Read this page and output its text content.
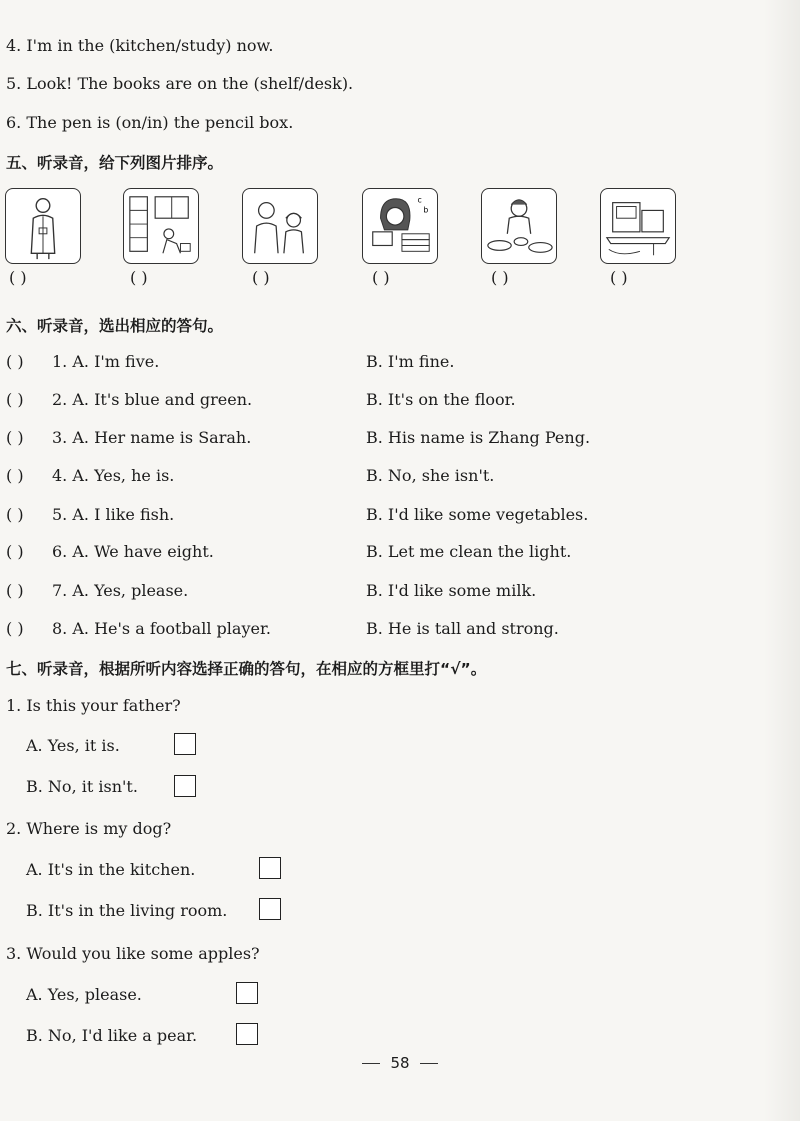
4. I'm in the (kitchen/study) now.
5. Look! The books are on the (shelf/desk).
6. The pen is (on/in) the pencil box.
五、听录音，给下列图片排序。
c
b
( )	( )	( )	( )	( )	( )
六、听录音，选出相应的答句。
( ) 1. A. I'm five.	B. I'm fine.
( ) 2. A. It's blue and green.	B. It's on the floor.
( ) 3. A. Her name is Sarah.	B. His name is Zhang Peng.
( ) 4. A. Yes, he is.	B. No, she isn't.
( ) 5. A. I like fish.	B. I'd like some vegetables.
( ) 6. A. We have eight.	B. Let me clean the light.
( ) 7. A. Yes, please.	B. I'd like some milk.
( ) 8. A. He's a football player.	B. He is tall and strong.
七、听录音，根据所听内容选择正确的答句，在相应的方框里打“√”。
1. Is this your father?
A. Yes, it is.
B. No, it isn't.
2. Where is my dog?
A. It's in the kitchen.
B. It's in the living room.
3. Would you like some apples?
A. Yes, please.
B. No, I'd like a pear.
58
